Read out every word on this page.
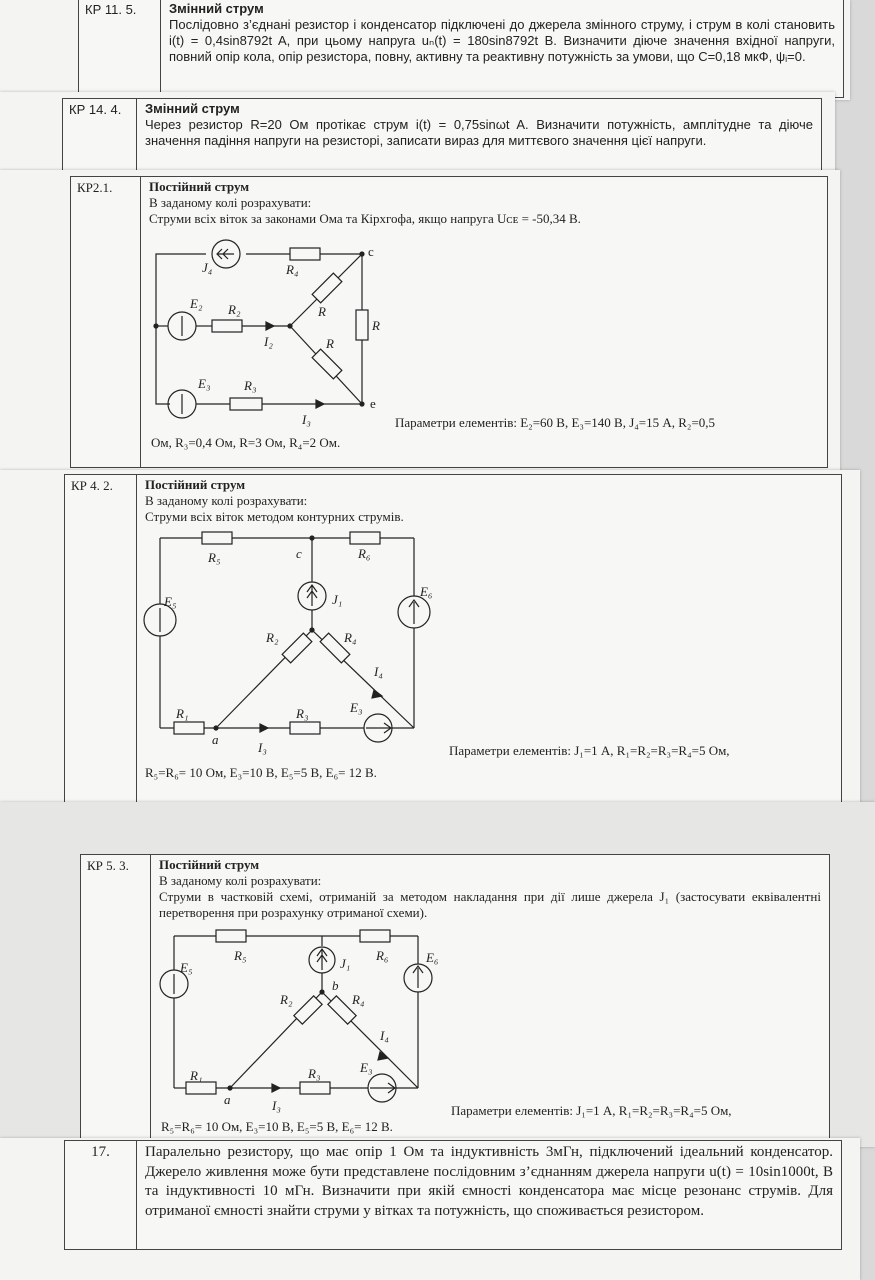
КР 11. 5.	Змінний струм
Послідовно з’єднані резистор і конденсатор підключені до джерела змінного струму, і струм в колі становить i(t) = 0,4sin8792t A, при цьому напруга uₙ(t) = 180sin8792t B. Визначити діюче значення вхідної напруги, повний опір кола, опір резистора, повну, активну та реактивну потужність за умови, що C=0,18 мкФ, ψᵢ=0.
КР 14. 4.	Змінний струм
Через резистор R=20 Ом протікає струм i(t) = 0,75sinωt A. Визначити потужність, амплітудне та діюче значення падіння напруги на резисторі, записати вираз для миттєвого значення цієї напруги.
КР2.1.	Постійний струм
В заданому колі розрахувати:
Струми всіх віток за законами Ома та Кірхгофа, якщо напруга Uᴄᴇ = -50,34 В.
Параметри елементів: E₂=60 В, E₃=140 В, J₄=15 А, R₂=0,5
Ом, R₃=0,4 Ом, R=3 Ом, R₄=2 Ом.
J₄	R₄
c
E₂ R₂	R
R
R
I₂
E₃	R₃
I₃
e
КР 4. 2.	Постійний струм
В заданому колі розрахувати:
Струми всіх віток методом контурних струмів.
Параметри елементів: J₁=1 А, R₁=R₂=R₃=R₄=5 Ом,
R₅=R₆= 10 Ом, E₃=10 В, E₅=5 В, E₆= 12 В.
R₅	c	R₆
E₅	J₁
E₆
R₂	R₄
I₄
R₁
a
R₃	E₃
I₃
КР 5. 3.	Постійний струм
В заданому колі розрахувати:
Струми в частковій схемі, отриманій за методом накладання при дії лише джерела J₁ (застосувати еквівалентні перетворення при розрахунку отриманої схеми).
Параметри елементів: J₁=1 А, R₁=R₂=R₃=R₄=5 Ом,
R₅=R₆= 10 Ом, E₃=10 В, E₅=5 В, E₆= 12 В.
R₅	R₆
E₅	J₁	E₆
b
R₂	R₄
I₄
R₁
a
R₃	E₃
I₃
17.	Паралельно резистору, що має опір 1 Ом та індуктивність 3мГн, підключений ідеальний конденсатор. Джерело живлення може бути представлене послідовним з’єднанням джерела напруги u(t) = 10sin1000t, B та індуктивності 10 мГн. Визначити при якій ємності конденсатора має місце резонанс струмів. Для отриманої ємності знайти струми у вітках та потужність, що споживається резистором.
